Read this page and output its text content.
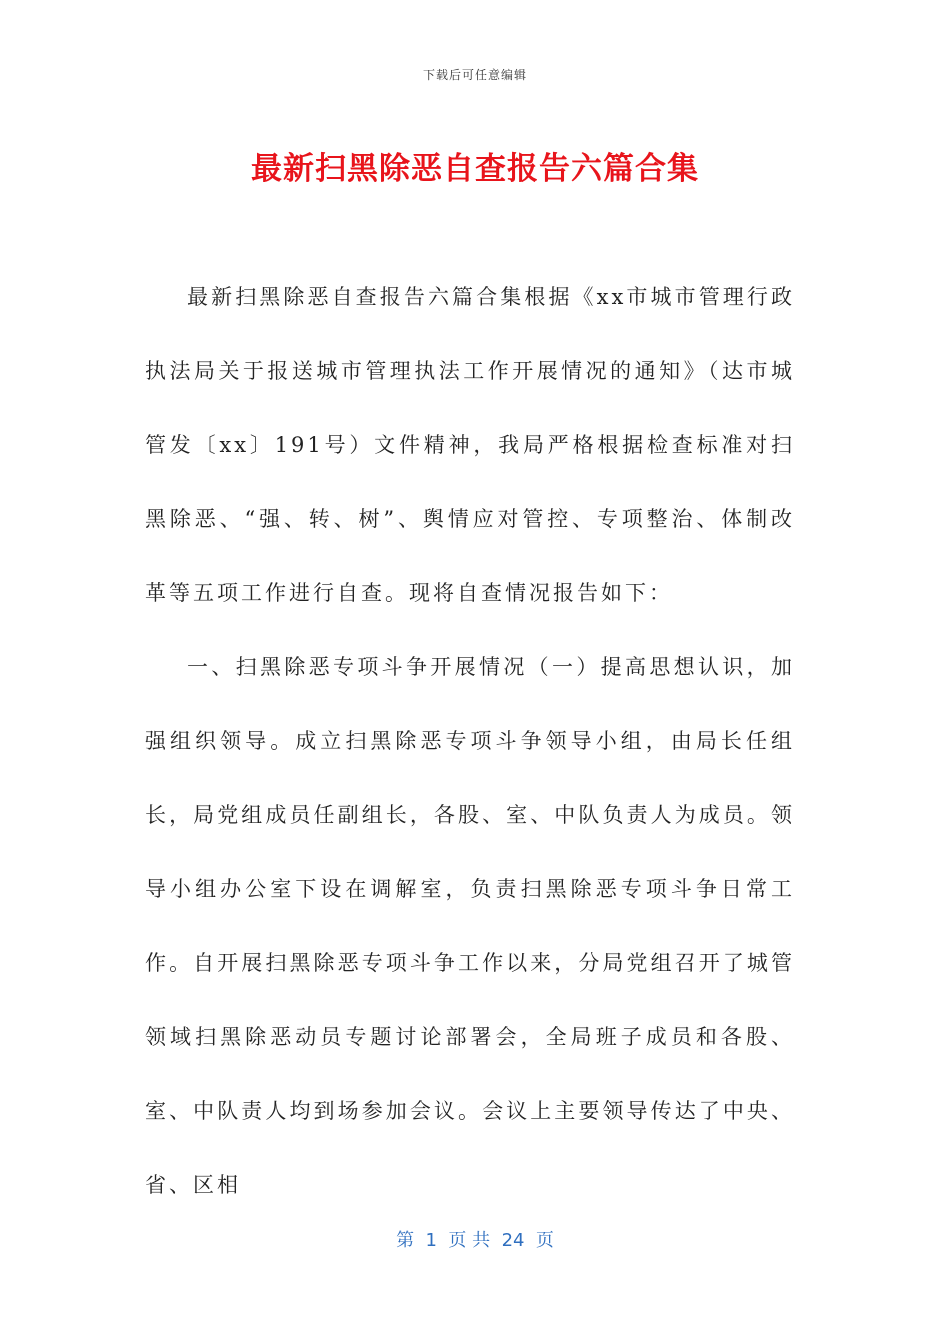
下载后可任意编辑
最新扫黑除恶自查报告六篇合集

最新扫黑除恶自查报告六篇合集根据《xx市城市管理行政执法局关于报送城市管理执法工作开展情况的通知》（达市城管发〔xx〕191号）文件精神，我局严格根据检查标准对扫黑除恶、“强、转、树”、舆情应对管控、专项整治、体制改革等五项工作进行自查。现将自查情况报告如下：

一、扫黑除恶专项斗争开展情况（一）提高思想认识，加强组织领导。成立扫黑除恶专项斗争领导小组，由局长任组长，局党组成员任副组长，各股、室、中队负责人为成员。领导小组办公室下设在调解室，负责扫黑除恶专项斗争日常工作。自开展扫黑除恶专项斗争工作以来，分局党组召开了城管领域扫黑除恶动员专题讨论部署会，全局班子成员和各股、室、中队责人均到场参加会议。会议上主要领导传达了中央、省、区相

第  1  页 共  24  页
